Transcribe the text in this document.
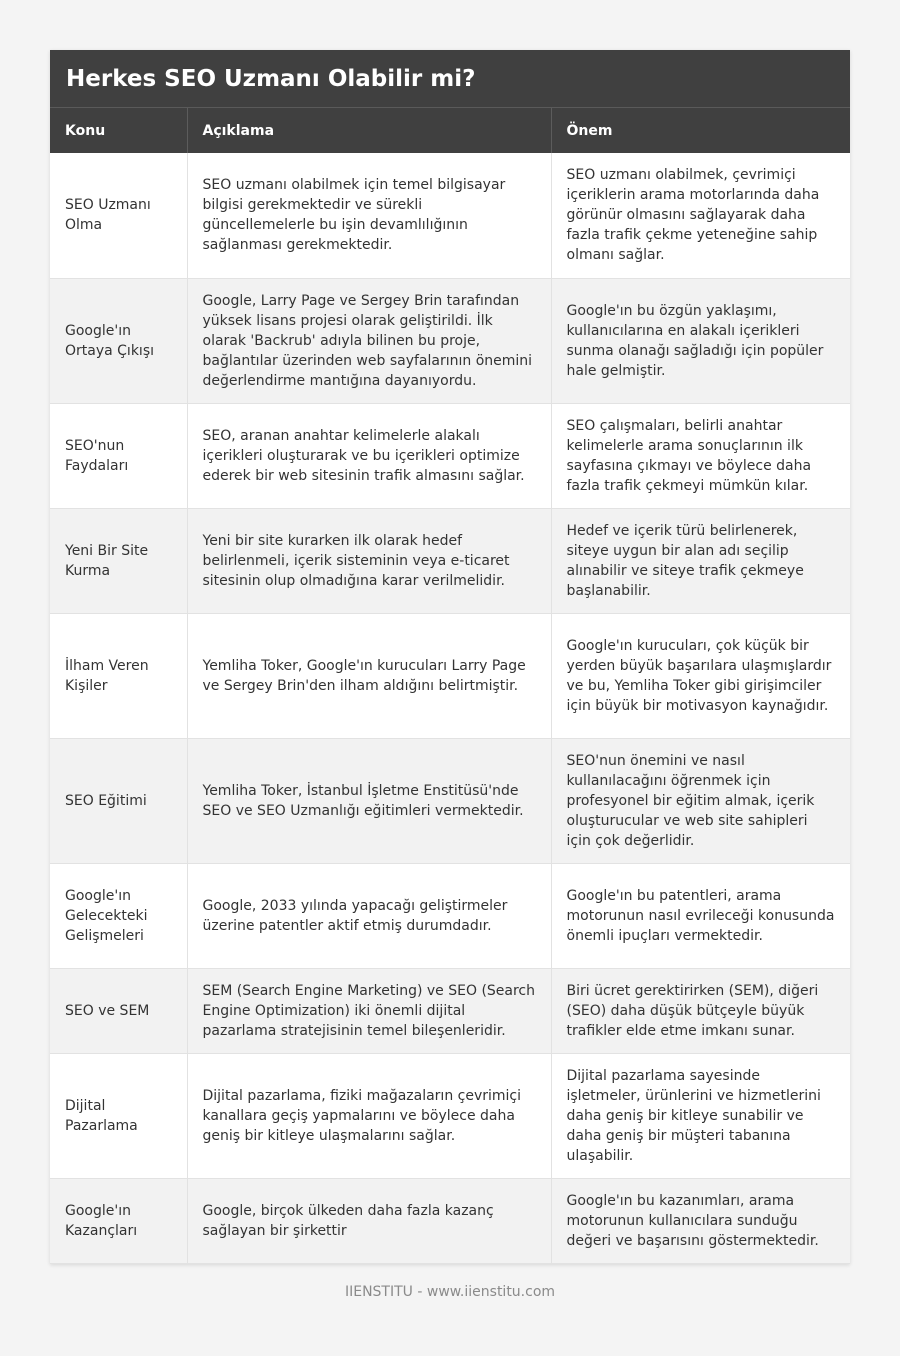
Herkes SEO Uzmanı Olabilir mi?
Konu	Açıklama	Önem
SEO Uzmanı Olma	SEO uzmanı olabilmek için temel bilgisayar bilgisi gerekmektedir ve sürekli güncellemelerle bu işin devamlılığının sağlanması gerekmektedir.	SEO uzmanı olabilmek, çevrimiçi içeriklerin arama motorlarında daha görünür olmasını sağlayarak daha fazla trafik çekme yeteneğine sahip olmanı sağlar.
Google'ın Ortaya Çıkışı	Google, Larry Page ve Sergey Brin tarafından yüksek lisans projesi olarak geliştirildi. İlk olarak 'Backrub' adıyla bilinen bu proje, bağlantılar üzerinden web sayfalarının önemini değerlendirme mantığına dayanıyordu.	Google'ın bu özgün yaklaşımı, kullanıcılarına en alakalı içerikleri sunma olanağı sağladığı için popüler hale gelmiştir.
SEO'nun Faydaları	SEO, aranan anahtar kelimelerle alakalı içerikleri oluşturarak ve bu içerikleri optimize ederek bir web sitesinin trafik almasını sağlar.	SEO çalışmaları, belirli anahtar kelimelerle arama sonuçlarının ilk sayfasına çıkmayı ve böylece daha fazla trafik çekmeyi mümkün kılar.
Yeni Bir Site Kurma	Yeni bir site kurarken ilk olarak hedef belirlenmeli, içerik sisteminin veya e-ticaret sitesinin olup olmadığına karar verilmelidir.	Hedef ve içerik türü belirlenerek, siteye uygun bir alan adı seçilip alınabilir ve siteye trafik çekmeye başlanabilir.
İlham Veren Kişiler	Yemliha Toker, Google'ın kurucuları Larry Page ve Sergey Brin'den ilham aldığını belirtmiştir.	Google'ın kurucuları, çok küçük bir yerden büyük başarılara ulaşmışlardır ve bu, Yemliha Toker gibi girişimciler için büyük bir motivasyon kaynağıdır.
SEO Eğitimi	Yemliha Toker, İstanbul İşletme Enstitüsü'nde SEO ve SEO Uzmanlığı eğitimleri vermektedir.	SEO'nun önemini ve nasıl kullanılacağını öğrenmek için profesyonel bir eğitim almak, içerik oluşturucular ve web site sahipleri için çok değerlidir.
Google'ın Gelecekteki Gelişmeleri	Google, 2033 yılında yapacağı geliştirmeler üzerine patentler aktif etmiş durumdadır.	Google'ın bu patentleri, arama motorunun nasıl evrileceği konusunda önemli ipuçları vermektedir.
SEO ve SEM	SEM (Search Engine Marketing) ve SEO (Search Engine Optimization) iki önemli dijital pazarlama stratejisinin temel bileşenleridir.	Biri ücret gerektirirken (SEM), diğeri (SEO) daha düşük bütçeyle büyük trafikler elde etme imkanı sunar.
Dijital Pazarlama	Dijital pazarlama, fiziki mağazaların çevrimiçi kanallara geçiş yapmalarını ve böylece daha geniş bir kitleye ulaşmalarını sağlar.	Dijital pazarlama sayesinde işletmeler, ürünlerini ve hizmetlerini daha geniş bir kitleye sunabilir ve daha geniş bir müşteri tabanına ulaşabilir.
Google'ın Kazançları	Google, birçok ülkeden daha fazla kazanç sağlayan bir şirkettir	Google'ın bu kazanımları, arama motorunun kullanıcılara sunduğu değeri ve başarısını göstermektedir.
IIENSTITU - www.iienstitu.com
